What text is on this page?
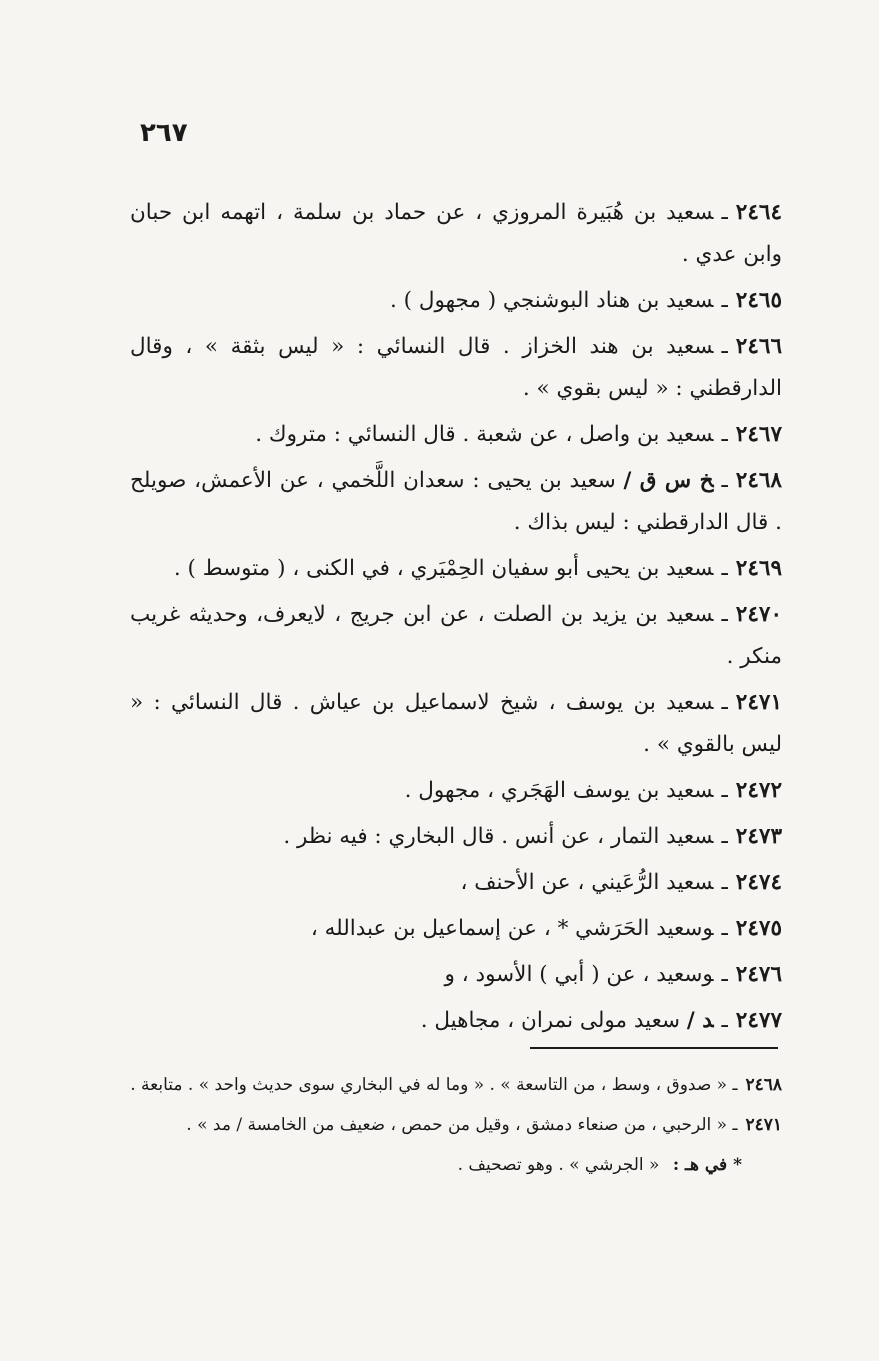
٢٦٧

٢٤٦٤ـسعيد بن هُبَيرة المروزي ، عن حماد بن سلمة ، اتهمه ابن حبان وابن عدي .

٢٤٦٥ـسعيد بن هناد البوشنجي ( مجهول ) .

٢٤٦٦ـسعيد بن هند الخزاز . قال النسائي : « ليس بثقة » ، وقال الدارقطني : « ليس بقوي » .

٢٤٦٧ـسعيد بن واصل ، عن شعبة . قال النسائي : متروك .

٢٤٦٨ـخ س ق / سعيد بن يحيى : سعدان اللَّخمي ، عن الأعمش، صويلح . قال الدارقطني : ليس بذاك .

٢٤٦٩ـسعيد بن يحيى أبو سفيان الحِمْيَري ، في الكنى ، ( متوسط ) .

٢٤٧٠ـسعيد بن يزيد بن الصلت ، عن ابن جريج ، لايعرف، وحديثه غريب منكر .

٢٤٧١ـسعيد بن يوسف ، شيخ لاسماعيل بن عياش . قال النسائي : « ليس بالقوي » .

٢٤٧٢ـسعيد بن يوسف الهَجَري ، مجهول .

٢٤٧٣ـسعيد التمار ، عن أنس . قال البخاري : فيه نظر .

٢٤٧٤ـسعيد الرُّعَيني ، عن الأحنف ،

٢٤٧٥ـوسعيد الحَرَشي * ، عن إسماعيل بن عبدالله ،

٢٤٧٦ـوسعيد ، عن ( أبي ) الأسود ، و

٢٤٧٧ـد / سعيد مولى نمران ، مجاهيل .

٢٤٦٨ـ « صدوق ، وسط ، من التاسعة » . « وما له في البخاري سوى حديث واحد » . متابعة .

٢٤٧١ـ « الرحبي ، من صنعاء دمشق ، وقيل من حمص ، ضعيف من الخامسة / مد » .

* في هـ : « الجرشي » . وهو تصحيف .
